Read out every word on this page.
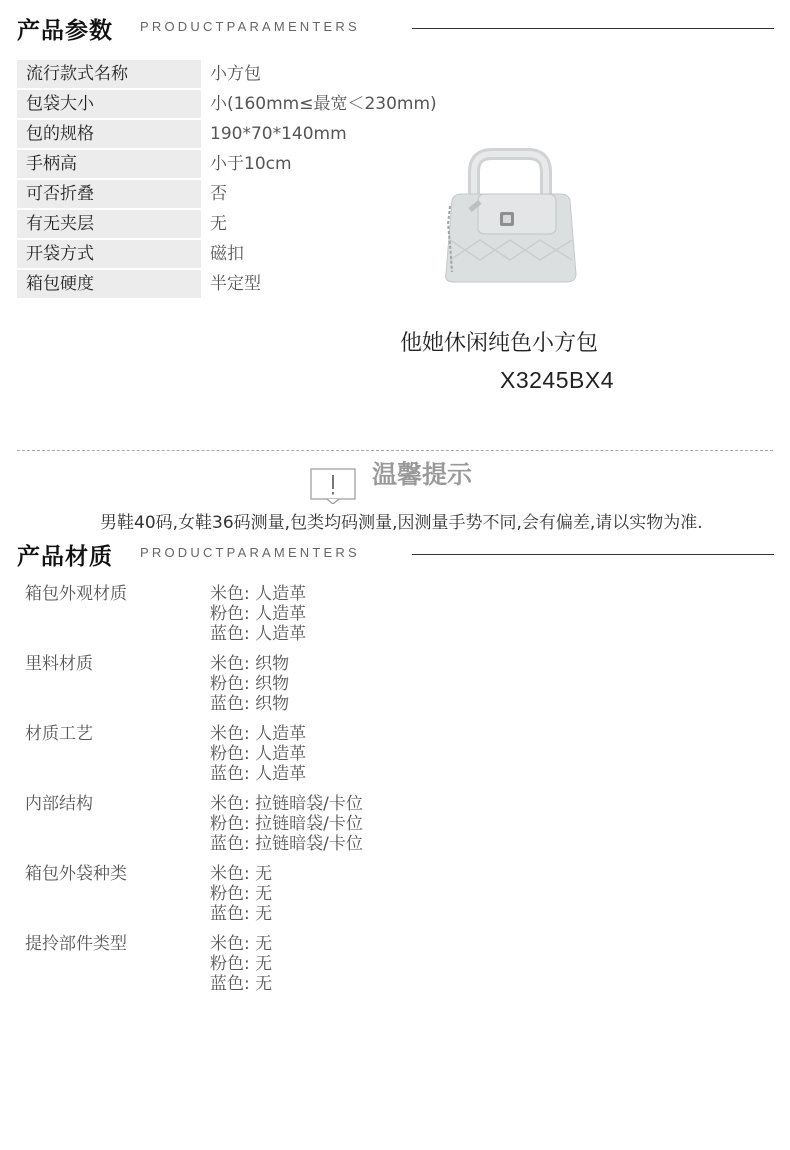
产品参数 PRODUCTPARAMENTERS
流行款式名称	小方包
包袋大小	小(160mm≤最宽＜230mm)
包的规格	190*70*140mm
手柄高	小于10cm
可否折叠	否
有无夹层	无
开袋方式	磁扣
箱包硬度	半定型
他她休闲纯色小方包
X3245BX4
温馨提示
男鞋40码,女鞋36码测量,包类均码测量,因测量手势不同,会有偏差,请以实物为准.
产品材质 PRODUCTPARAMENTERS
箱包外观材质	米色: 人造革
粉色: 人造革
蓝色: 人造革
里料材质	米色: 织物
粉色: 织物
蓝色: 织物
材质工艺	米色: 人造革
粉色: 人造革
蓝色: 人造革
内部结构	米色: 拉链暗袋/卡位
粉色: 拉链暗袋/卡位
蓝色: 拉链暗袋/卡位
箱包外袋种类	米色: 无
粉色: 无
蓝色: 无
提拎部件类型	米色: 无
粉色: 无
蓝色: 无
